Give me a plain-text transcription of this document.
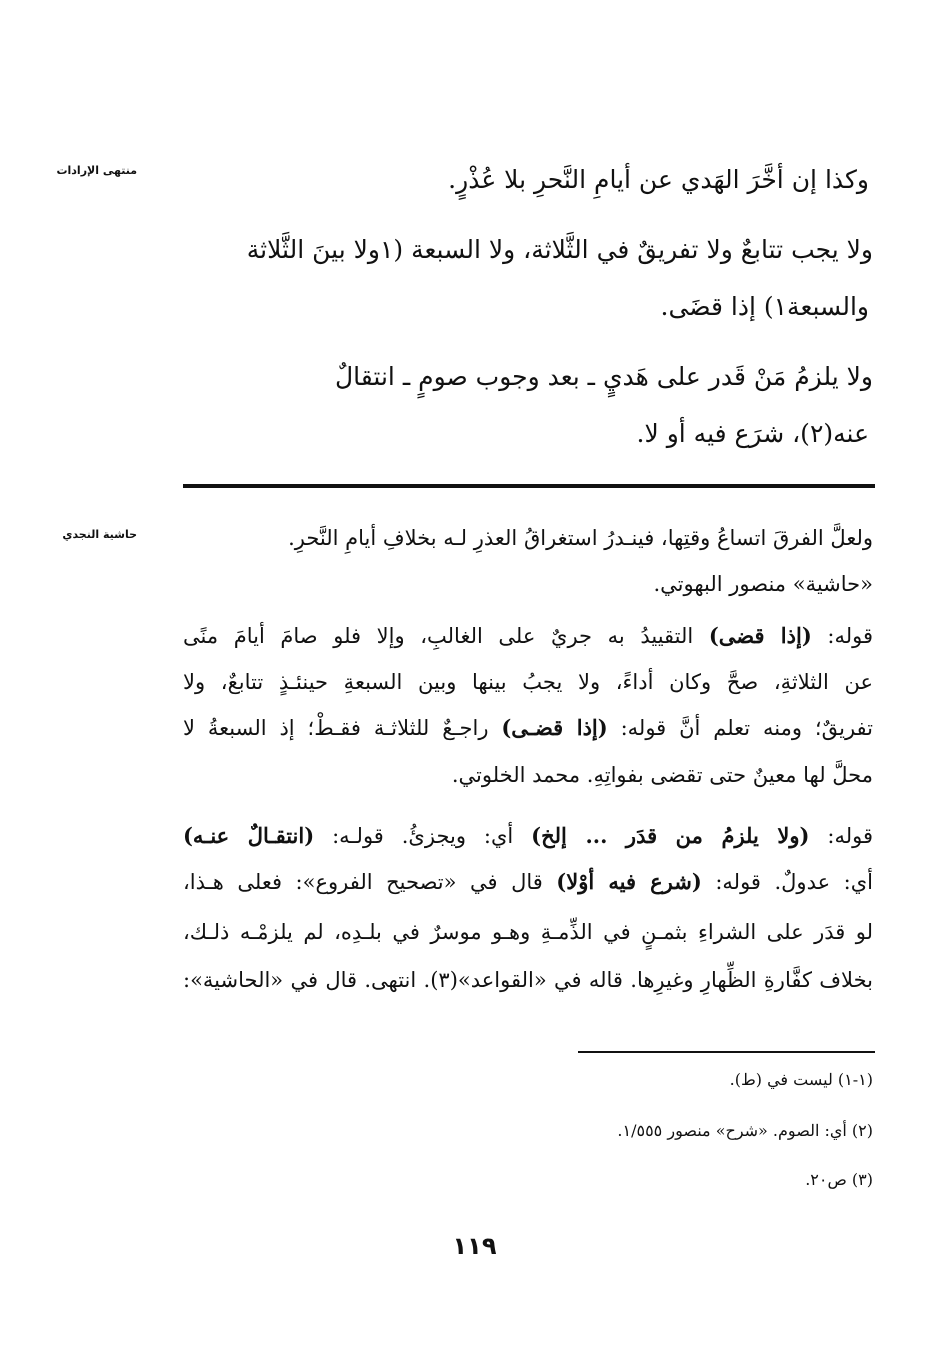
منتهى الإرادات
حاشية النجدي
وكذا إن أخَّرَ الهَدي عن أيامِ النَّحرِ بلا عُذْرٍ.
ولا يجب تتابعٌ ولا تفريقٌ في الثَّلاثة، ولا السبعة (١ولا بينَ الثَّلاثة
والسبعة١) إذا قضَى.
ولا يلزمُ مَنْ قَدر على هَديٍ ـ بعد وجوب صومٍ ـ انتقالٌ
عنه(٢)، شرَع فيه أو لا.
ولعلَّ الفرقَ اتساعُ وقتِها، فينـدرُ استغراقُ العذرِ لـه بخلافِ أيامِ النَّحرِ.
«حاشية» منصور البهوتي.
قوله: (إذا قضى) التقييدُ به جريٌ على الغالبِ، وإلا فلو صامَ أيامَ منًى
عن الثلاثةِ، صحَّ وكان أداءً، ولا يجبُ بينها وبين السبعةِ حينئـذٍ تتابعٌ، ولا
تفريقٌ؛ ومنه تعلم أنَّ قوله: (إذا قضـى) راجـعٌ للثلاثـة فقـطْ؛ إذ السبعةُ لا
محلَّ لها معينٌ حتى تقضى بفواتِهِ. محمد الخلوتي.
قوله: (ولا يلزمُ من قدَر ... إلخ) أي: ويجزئُ. قولـه: (انتقـالٌ عنـه)
أي: عدولٌ. قوله: (شرع فيه أوْلا) قال في «تصحيح الفروع»: فعلى هـذا،
لو قدَر على الشراءِ بثمـنٍ في الذِّمـةِ وهـو موسرٌ في بلـدِه، لم يلزمْـه ذلـك،
بخلاف كفَّارةِ الظِّهارِ وغيرِها. قاله في «القواعد»(٣). انتهى. قال في «الحاشية»:
(١-١) ليست في (ط).
(٢) أي: الصوم. «شرح» منصور ١/٥٥٥.
(٣) ص٢٠.
١١٩
